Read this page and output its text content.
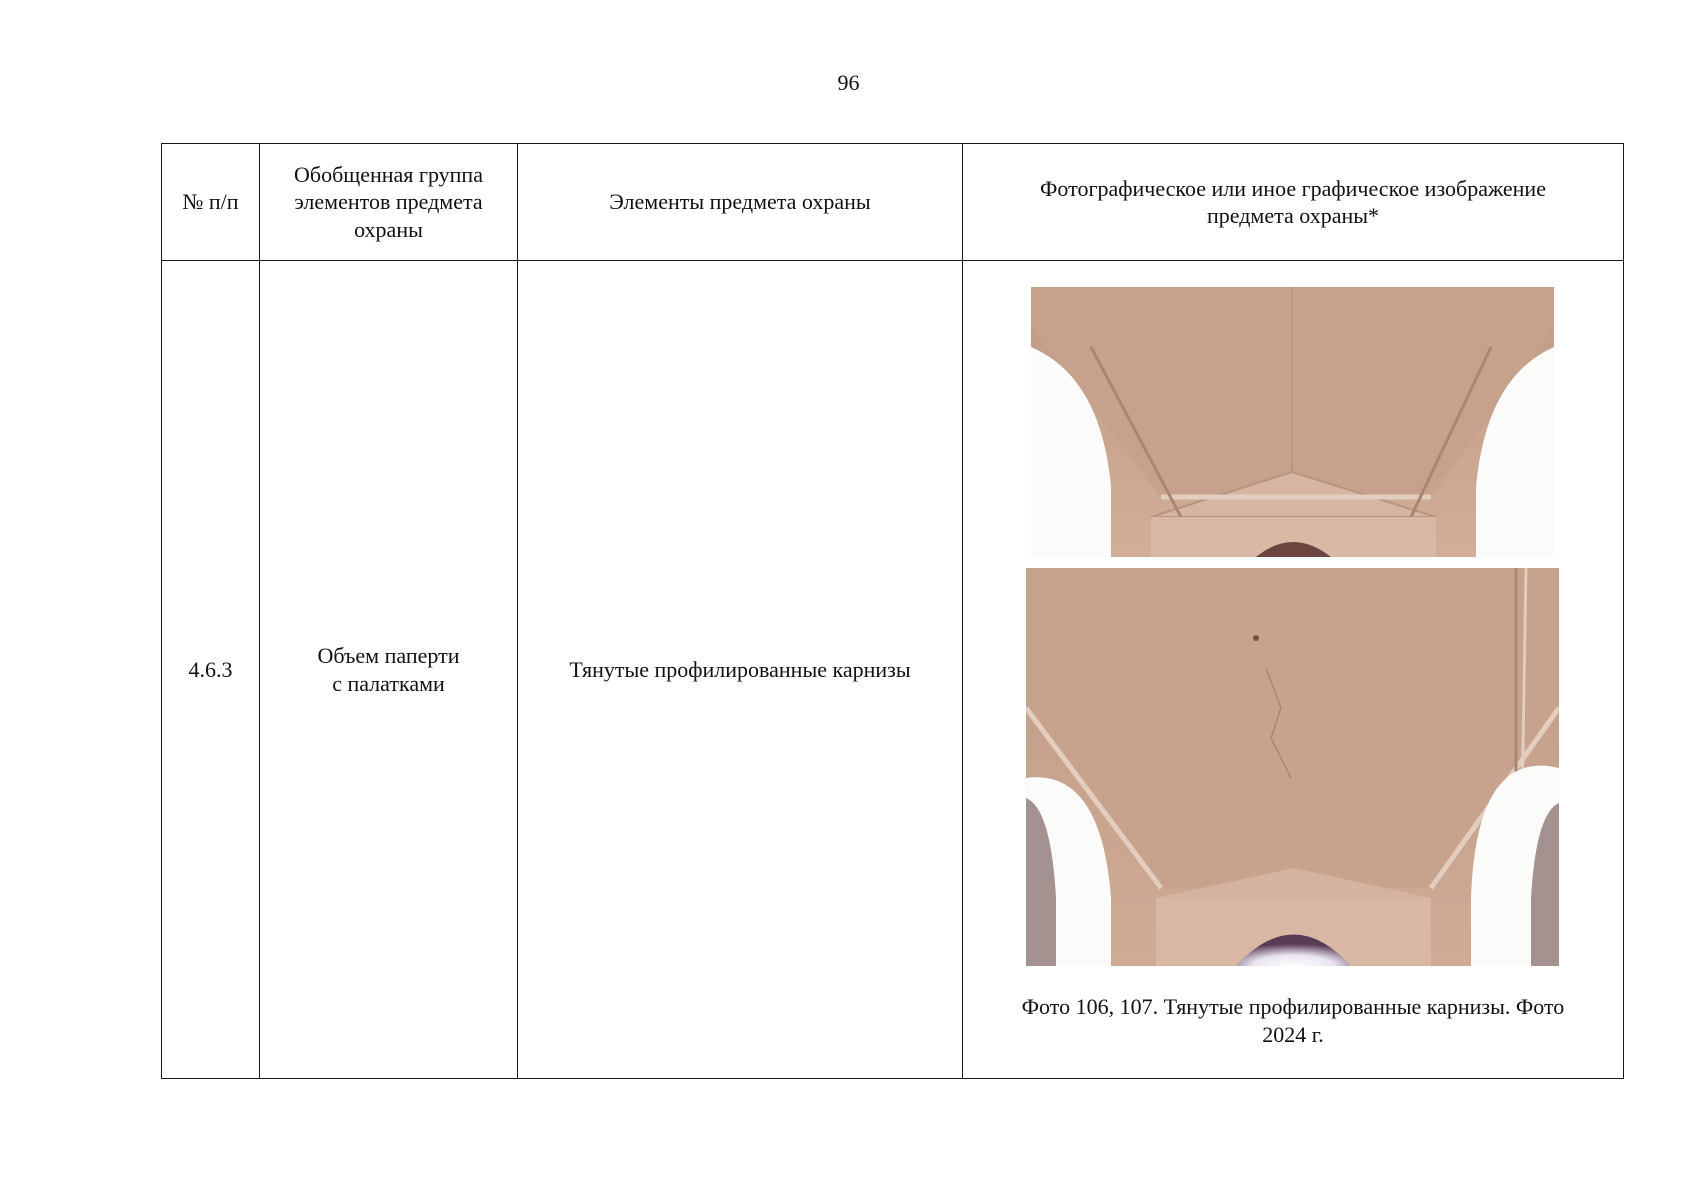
96
№ п/п	Обобщенная группа
элементов предмета
охраны	Элементы предмета охраны	Фотографическое или иное графическое изображение
предмета охраны*
4.6.3	Объем паперти
с палатками	Тянутые профилированные карнизы	Фото 106, 107. Тянутые профилированные карнизы. Фото
2024 г.
